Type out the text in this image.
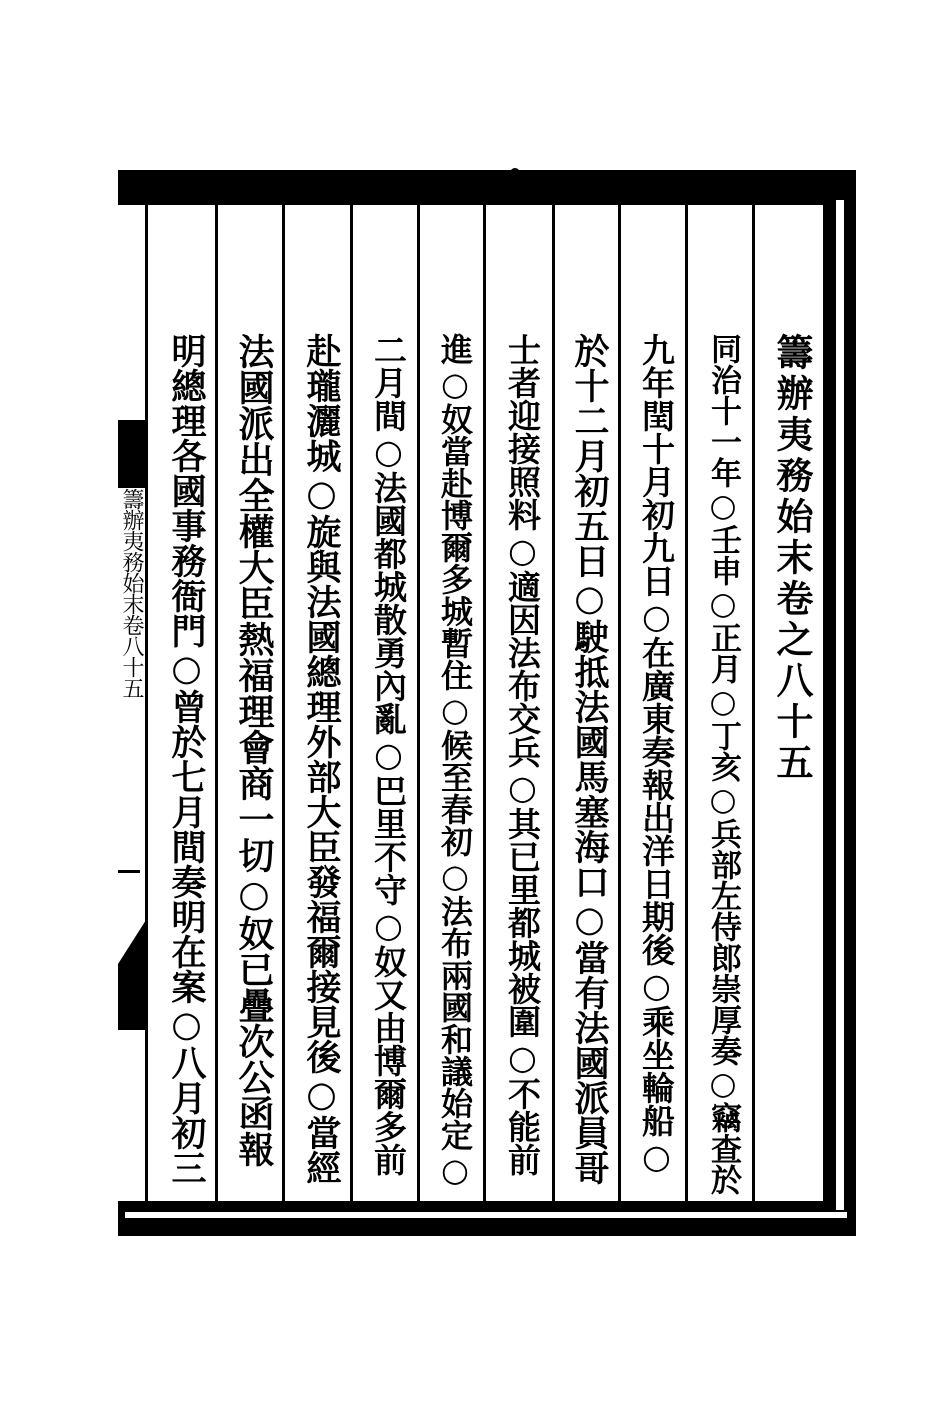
籌辦夷務始末卷八十五	籌辦夷務始末卷之八十五
同治十一年○壬申○正月○丁亥○兵部左侍郎崇厚奏○竊查於
九年閏十月初九日○在廣東奏報出洋日期後○乘坐輪船○
於十二月初五日○駛抵法國馬塞海口○當有法國派員哥
士者迎接照料○適因法布交兵○其已里都城被圍○不能前
進○奴當赴博爾多城暫住○候至春初○法布兩國和議始定○
二月間○法國都城散勇內亂○巴里不守○奴又由博爾多前
赴瓏灑城○旋與法國總理外部大臣發福爾接見後○當經
法國派出全權大臣熱福理會商一切○奴已疊次公函報
明總理各國事務衙門○曾於七月間奏明在案○八月初三
